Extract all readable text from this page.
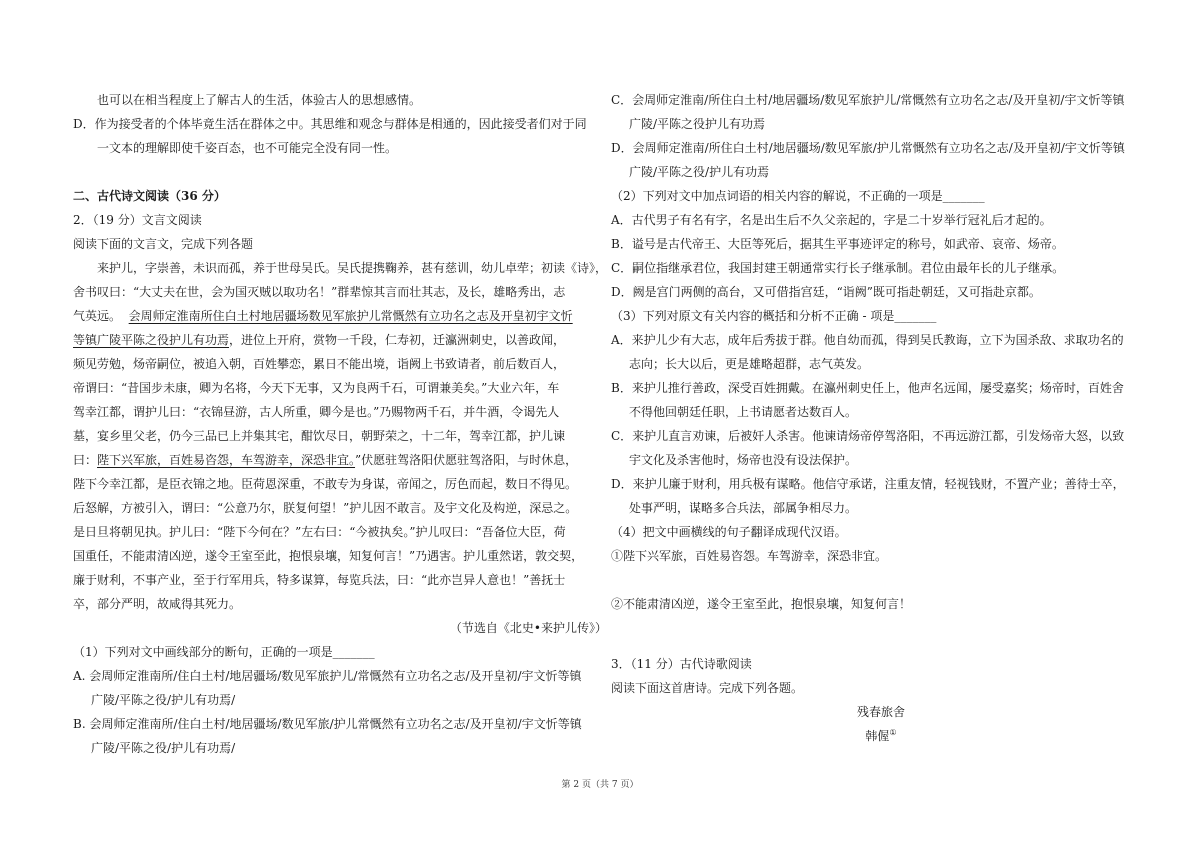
也可以在相当程度上了解古人的生活，体验古人的思想感情。
D．作为接受者的个体毕竟生活在群体之中。其思维和观念与群体是相通的，因此接受者们对于同
一文本的理解即使千姿百态，也不可能完全没有同一性。
二、古代诗文阅读（36 分）
2．（19 分）文言文阅读
阅读下面的文言文，完成下列各题
来护儿，字崇善，未识而孤，养于世母吴氏。吴氏提携鞠养，甚有慈训，幼儿卓荦；初读《诗》，
舍书叹曰：“大丈夫在世，会为国灭贼以取功名！”群辈惊其言而壮其志，及长，雄略秀出，志
气英远。 会周师定淮南所住白土村地居疆场数见军旅护儿常慨然有立功名之志及开皇初宇文忻
等镇广陵平陈之役护儿有功焉，进位上开府，赏物一千段，仁寿初，迁瀛洲刺史，以善政闻，
频见劳勉，炀帝嗣位，被追入朝，百姓攀恋，累日不能出境，诣阙上书致请者，前后数百人，
帝谓曰：“昔国步未康，卿为名将，今天下无事，又为良两千石，可谓兼美矣。”大业六年，车
驾幸江都，谓护儿曰：“衣锦昼游，古人所重，卿今是也。”乃赐物两千石，并牛酒，令谒先人
墓，宴乡里父老，仍今三品已上并集其宅，酣饮尽日，朝野荣之，十二年，驾幸江都，护儿谏
曰：陛下兴军旅，百姓易咨怨，车驾游幸，深恐非宜。”伏愿驻驾洛阳伏愿驻驾洛阳，与时休息，
陛下今幸江都，是臣衣锦之地。臣荷恩深重，不敢专为身谋，帝闻之，厉色而起，数日不得见。
后怒解，方被引入，谓曰：“公意乃尔，朕复何望！”护儿因不敢言。及宇文化及构逆，深忌之。
是日旦将朝见执。护儿曰：“陛下今何在？”左右曰：“今被执矣。”护儿叹曰：“吾备位大臣，荷
国重任，不能肃清凶逆，遂令王室至此，抱恨泉壤，知复何言！”乃遇害。护儿重然诺，敦交契，
廉于财利，不事产业，至于行军用兵，特多谋算，每览兵法，曰：“此亦岂异人意也！”善抚士
卒，部分严明，故咸得其死力。
（节选自《北史•来护儿传》）
（1）下列对文中画线部分的断句，正确的一项是_______
A. 会周师定淮南所/住白土村/地居疆场/数见军旅护儿/常慨然有立功名之志/及开皇初/宇文忻等镇
广陵/平陈之役/护儿有功焉/
B. 会周师定淮南所/住白土村/地居疆场/数见军旅/护儿常慨然有立功名之志/及开皇初/宇文忻等镇
广陵/平陈之役/护儿有功焉/
C．会周师定淮南/所住白土村/地居疆场/数见军旅护儿/常慨然有立功名之志/及开皇初/宇文忻等镇
广陵/平陈之役护儿有功焉
D．会周师定淮南/所住白土村/地居疆场/数见军旅/护儿常慨然有立功名之志/及开皇初/宇文忻等镇
广陵/平陈之役/护儿有功焉
（2）下列对文中加点词语的相关内容的解说，不正确的一项是_______
A．古代男子有名有字，名是出生后不久父亲起的，字是二十岁举行冠礼后才起的。
B．谥号是古代帝王、大臣等死后，据其生平事迹评定的称号，如武帝、哀帝、炀帝。
C．嗣位指继承君位，我国封建王朝通常实行长子继承制。君位由最年长的儿子继承。
D．阙是宫门两侧的高台，又可借指宫廷，“诣阙”既可指赴朝廷，又可指赴京都。
（3）下列对原文有关内容的概括和分析不正确 - 项是_______
A．来护儿少有大志，成年后秀拔于群。他自幼而孤，得到吴氏教诲，立下为国杀敌、求取功名的
志向；长大以后，更是雄略超群，志气英发。
B．来护儿推行善政，深受百姓拥戴。在瀛州刺史任上，他声名远闻，屡受嘉奖；炀帝时，百姓舍
不得他回朝廷任职，上书请愿者达数百人。
C．来护儿直言劝谏，后被奸人杀害。他谏请炀帝停驾洛阳，不再远游江都，引发炀帝大怒，以致
宇文化及杀害他时，炀帝也没有设法保护。
D．来护儿廉于财利，用兵极有谋略。他信守承诺，注重友情，轻视钱财，不置产业；善待士卒，
处事严明，谋略多合兵法，部属争相尽力。
（4）把文中画横线的句子翻译成现代汉语。
①陛下兴军旅，百姓易咨怨。车驾游幸，深恐非宜。
②不能肃清凶逆，遂令王室至此，抱恨泉壤，知复何言！
3．（11 分）古代诗歌阅读
阅读下面这首唐诗。完成下列各题。
残春旅舍
韩偓①
第 2 页（共 7 页）
